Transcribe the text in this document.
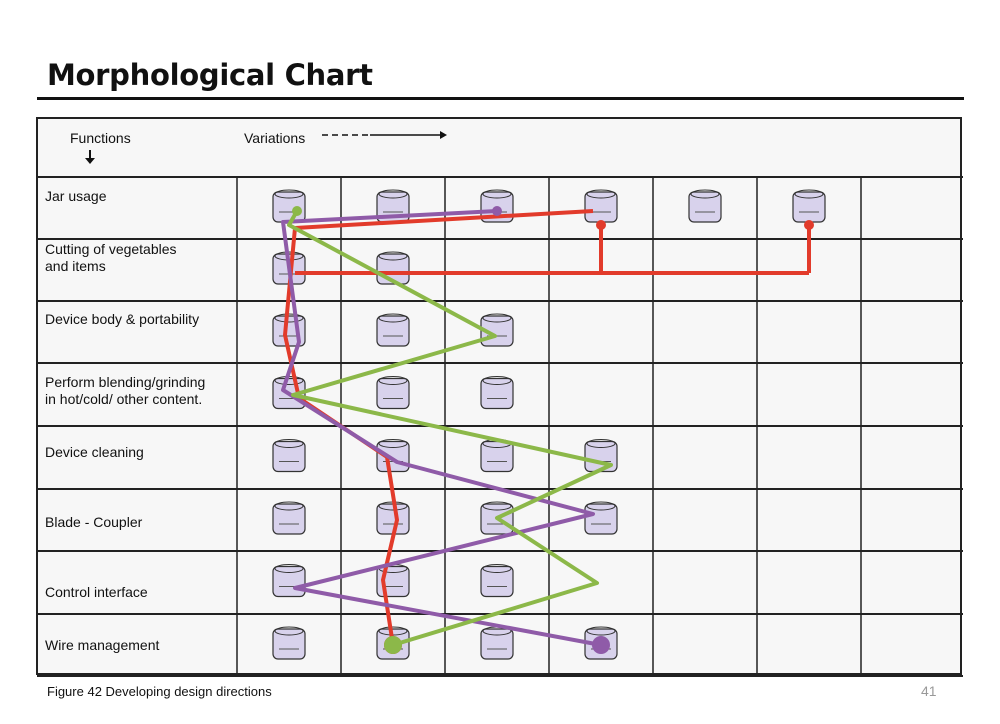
Morphological Chart
Functions	Variations
Jar usage
Cutting of vegetables
and items
Device body & portability
Perform blending/grinding
in hot/cold/ other content.
Device cleaning
Blade - Coupler
Control interface
Wire management
Figure 42 Developing design directions	41
